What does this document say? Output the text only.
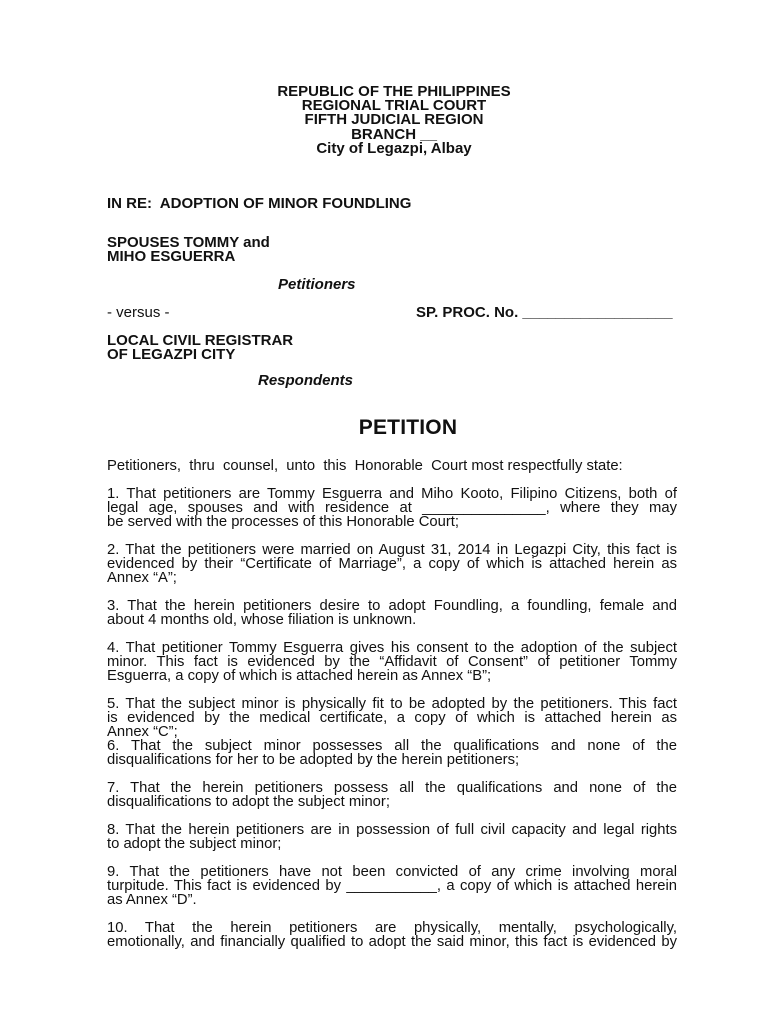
REPUBLIC OF THE PHILIPPINES
REGIONAL TRIAL COURT
FIFTH JUDICIAL REGION
BRANCH __
City of Legazpi, Albay
IN RE:  ADOPTION OF MINOR FOUNDLING
SPOUSES TOMMY and
MIHO ESGUERRA
Petitioners
- versus -	SP. PROC. No. __________________
LOCAL CIVIL REGISTRAR
OF LEGAZPI CITY
Respondents
PETITION
Petitioners,  thru  counsel,  unto  this  Honorable  Court most respectfully state:
1. That petitioners are Tommy Esguerra and Miho Kooto, Filipino Citizens, both of
legal age, spouses and with residence at _______________, where they may
be served with the processes of this Honorable Court;
2. That the petitioners were married on August 31, 2014 in Legazpi City, this fact is
evidenced by their “Certificate of Marriage”, a copy of which is attached herein as
Annex “A”;
3. That the herein petitioners desire to adopt Foundling, a foundling, female and
about 4 months old, whose filiation is unknown.
4. That petitioner Tommy Esguerra gives his consent to the adoption of the subject
minor. This fact is evidenced by the “Affidavit of Consent” of petitioner Tommy
Esguerra, a copy of which is attached herein as Annex “B”;
5. That the subject minor is physically fit to be adopted by the petitioners. This fact
is evidenced by the medical certificate, a copy of which is attached herein as
Annex “C”;
6. That the subject minor possesses all the qualifications and none of the
disqualifications for her to be adopted by the herein petitioners;
7. That the herein petitioners possess all the qualifications and none of the
disqualifications to adopt the subject minor;
8. That the herein petitioners are in possession of full civil capacity and legal rights
to adopt the subject minor;
9. That the petitioners have not been convicted of any crime involving moral
turpitude. This fact is evidenced by ___________, a copy of which is attached herein
as Annex “D”.
10. That the herein petitioners are physically, mentally, psychologically,
emotionally, and financially qualified to adopt the said minor, this fact is evidenced by
